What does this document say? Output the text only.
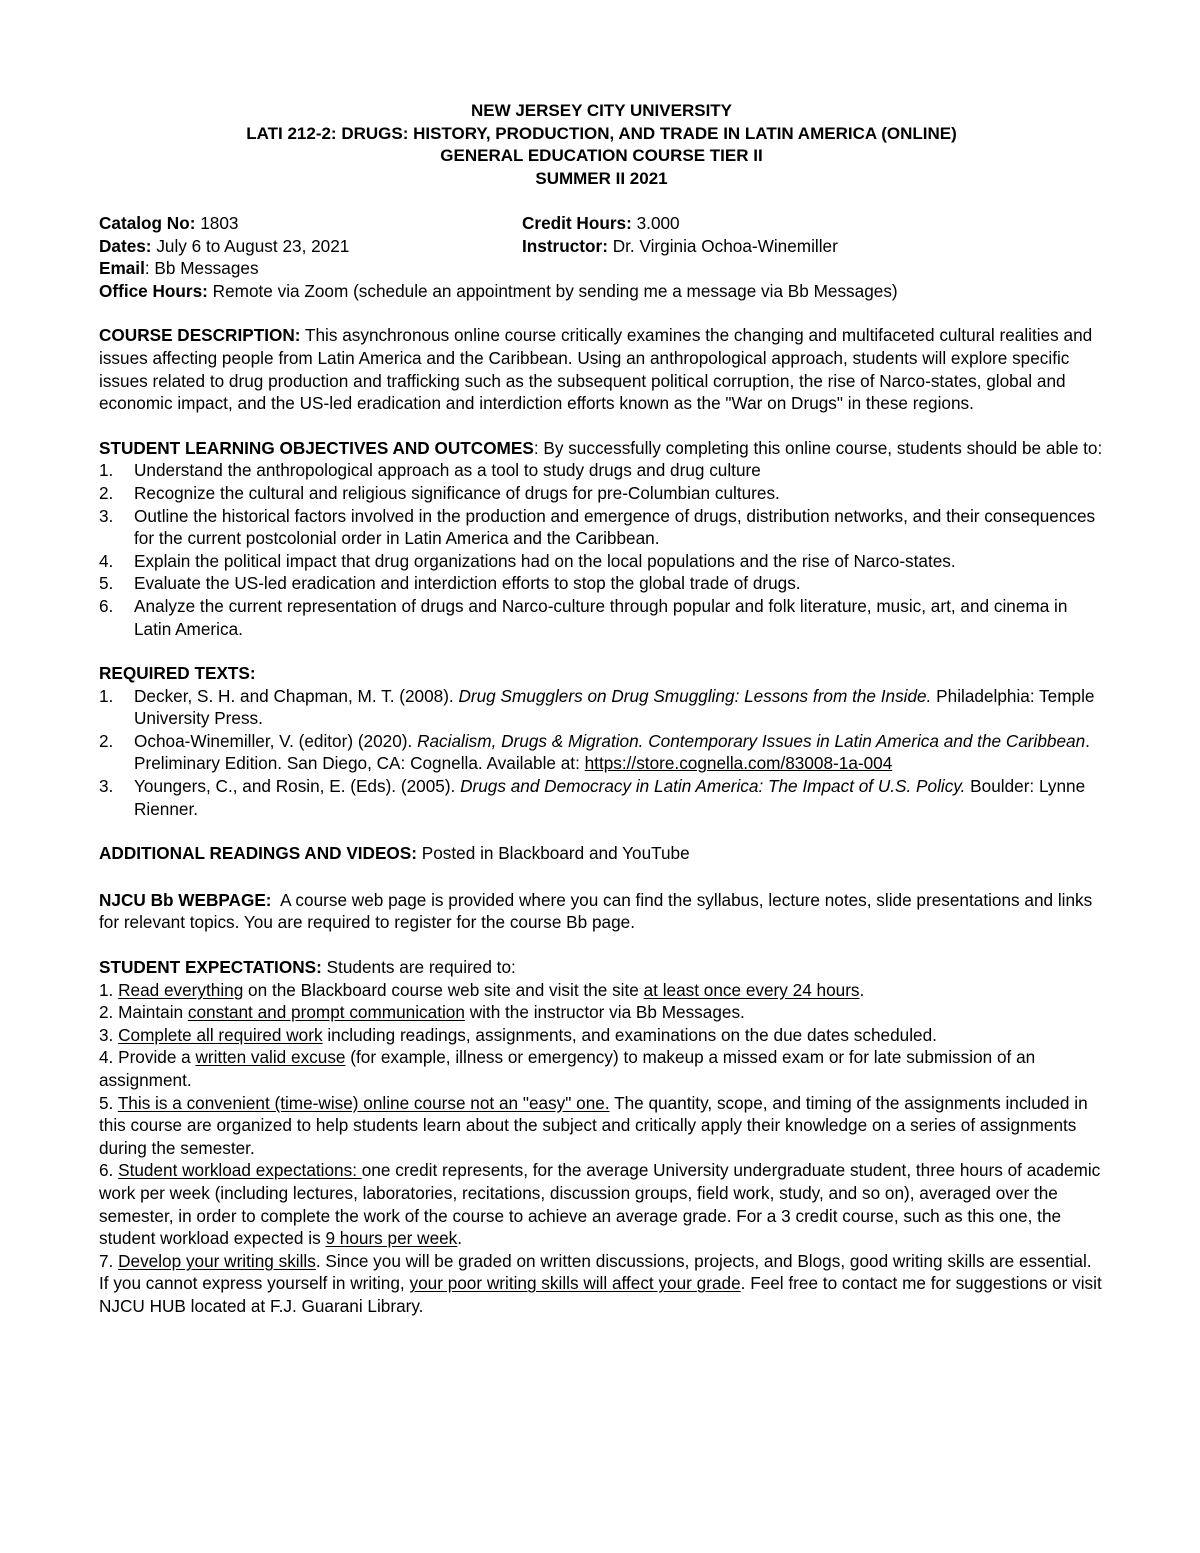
NEW JERSEY CITY UNIVERSITY
LATI 212-2: DRUGS: HISTORY, PRODUCTION, AND TRADE IN LATIN AMERICA (ONLINE)
GENERAL EDUCATION COURSE TIER II
SUMMER II 2021
Catalog No: 1803	Credit Hours: 3.000
Dates: July 6 to August 23, 2021	Instructor: Dr. Virginia Ochoa-Winemiller
Email: Bb Messages
Office Hours: Remote via Zoom (schedule an appointment by sending me a message via Bb Messages)
COURSE DESCRIPTION: This asynchronous online course critically examines the changing and multifaceted cultural realities and issues affecting people from Latin America and the Caribbean. Using an anthropological approach, students will explore specific issues related to drug production and trafficking such as the subsequent political corruption, the rise of Narco-states, global and economic impact, and the US-led eradication and interdiction efforts known as the "War on Drugs" in these regions.
STUDENT LEARNING OBJECTIVES AND OUTCOMES: By successfully completing this online course, students should be able to:
1. Understand the anthropological approach as a tool to study drugs and drug culture
2. Recognize the cultural and religious significance of drugs for pre-Columbian cultures.
3. Outline the historical factors involved in the production and emergence of drugs, distribution networks, and their consequences for the current postcolonial order in Latin America and the Caribbean.
4. Explain the political impact that drug organizations had on the local populations and the rise of Narco-states.
5. Evaluate the US-led eradication and interdiction efforts to stop the global trade of drugs.
6. Analyze the current representation of drugs and Narco-culture through popular and folk literature, music, art, and cinema in Latin America.
REQUIRED TEXTS:
1. Decker, S. H. and Chapman, M. T. (2008). Drug Smugglers on Drug Smuggling: Lessons from the Inside. Philadelphia: Temple University Press.
2. Ochoa-Winemiller, V. (editor) (2020). Racialism, Drugs & Migration. Contemporary Issues in Latin America and the Caribbean. Preliminary Edition. San Diego, CA: Cognella. Available at: https://store.cognella.com/83008-1a-004
3. Youngers, C., and Rosin, E. (Eds). (2005). Drugs and Democracy in Latin America: The Impact of U.S. Policy. Boulder: Lynne Rienner.
ADDITIONAL READINGS AND VIDEOS: Posted in Blackboard and YouTube
NJCU Bb WEBPAGE: A course web page is provided where you can find the syllabus, lecture notes, slide presentations and links for relevant topics. You are required to register for the course Bb page.

STUDENT EXPECTATIONS: Students are required to:

1. Read everything on the Blackboard course web site and visit the site at least once every 24 hours.

2. Maintain constant and prompt communication with the instructor via Bb Messages.

3. Complete all required work including readings, assignments, and examinations on the due dates scheduled.

4. Provide a written valid excuse (for example, illness or emergency) to makeup a missed exam or for late submission of an assignment.

5. This is a convenient (time-wise) online course not an "easy" one. The quantity, scope, and timing of the assignments included in this course are organized to help students learn about the subject and critically apply their knowledge on a series of assignments during the semester.

6. Student workload expectations: one credit represents, for the average University undergraduate student, three hours of academic work per week (including lectures, laboratories, recitations, discussion groups, field work, study, and so on), averaged over the semester, in order to complete the work of the course to achieve an average grade. For a 3 credit course, such as this one, the student workload expected is 9 hours per week.

7. Develop your writing skills. Since you will be graded on written discussions, projects, and Blogs, good writing skills are essential. If you cannot express yourself in writing, your poor writing skills will affect your grade. Feel free to contact me for suggestions or visit NJCU HUB located at F.J. Guarani Library.
